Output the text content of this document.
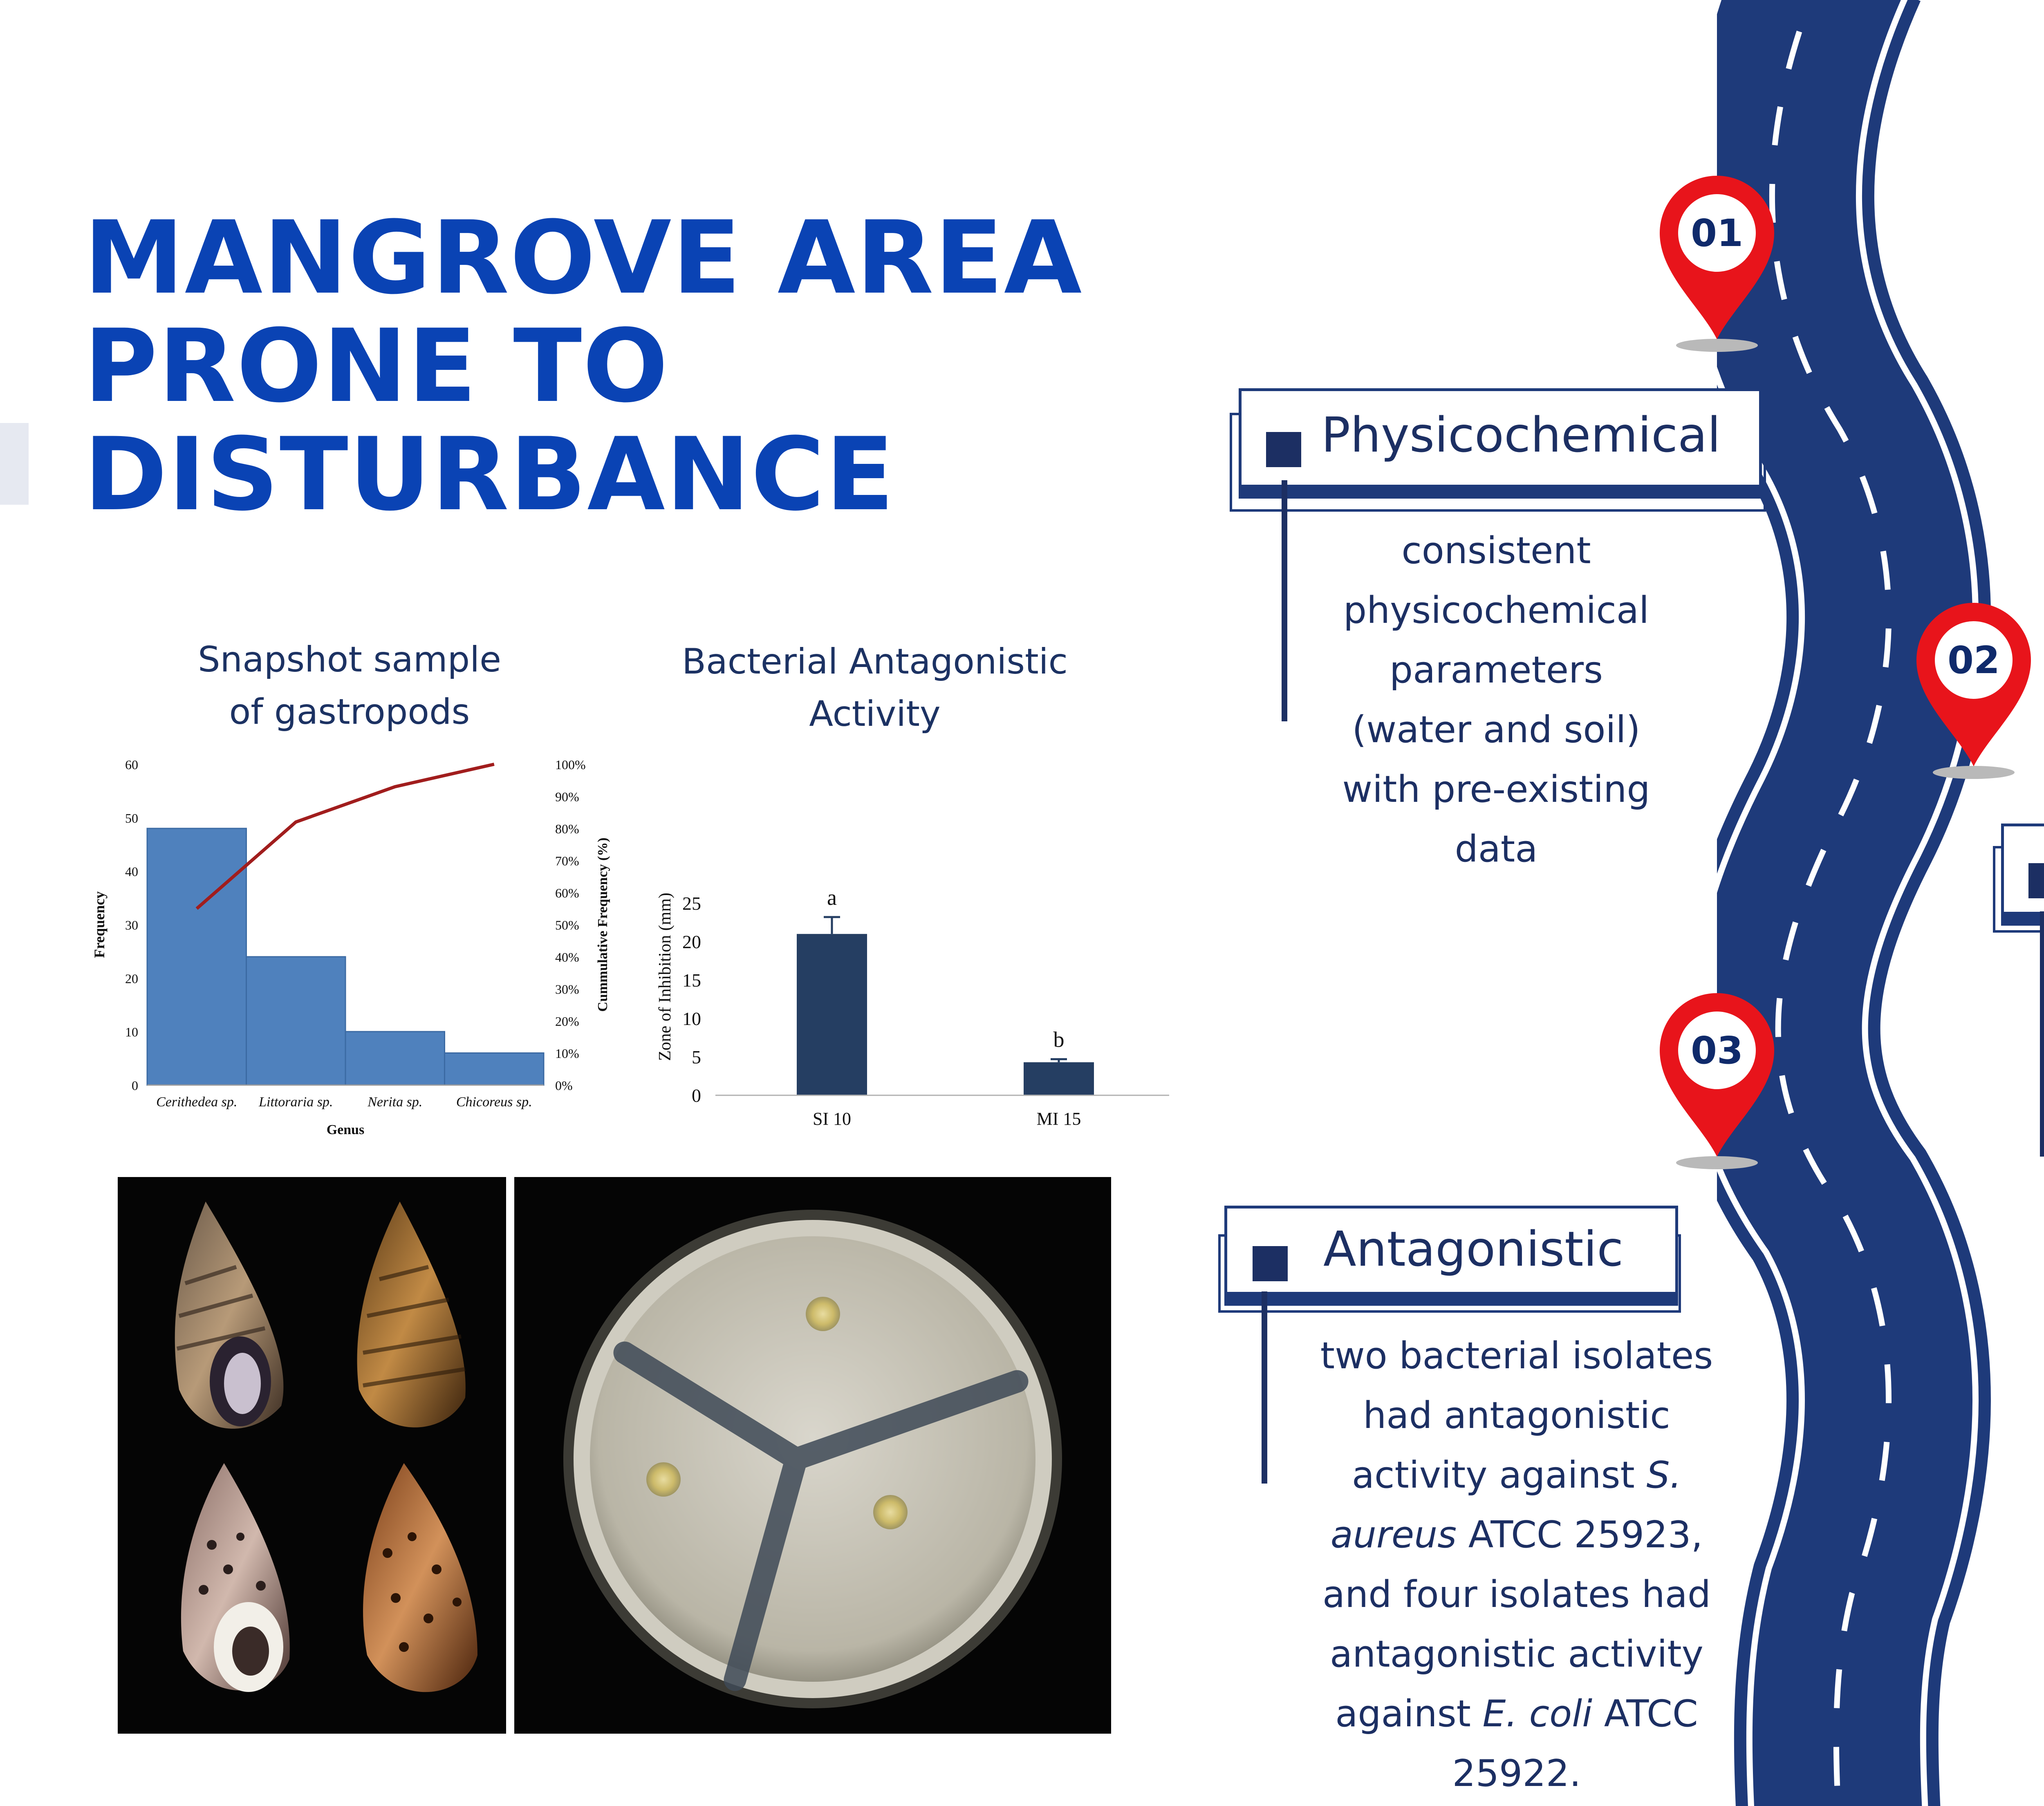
MANGROVE AREA
PRONE TO
DISTURBANCE
Snapshot sample
of gastropods
Bacterial Antagonistic
Activity
Cerithedea sp. Littoraria sp. Nerita sp. Chicoreus sp.
0
10
20
30
40
50
60
0%
10%
20%
30%
40%
50%
60%
70%
80%
90%
100%
Genus
Frequency	Cummulative Frequency (%)	a
SI 10
b
MI 15
0
5
10
15
20
25
Zone of Inhibition (mm)
01
02
03
Physicochemical
consistent
physicochemical
parameters
(water and soil)
with pre-existing
data
Antagonistic
two bacterial isolates
had antagonistic
activity against S.
aureus ATCC 25923,
and four isolates had
antagonistic activity
against E. coli ATCC
25922.
